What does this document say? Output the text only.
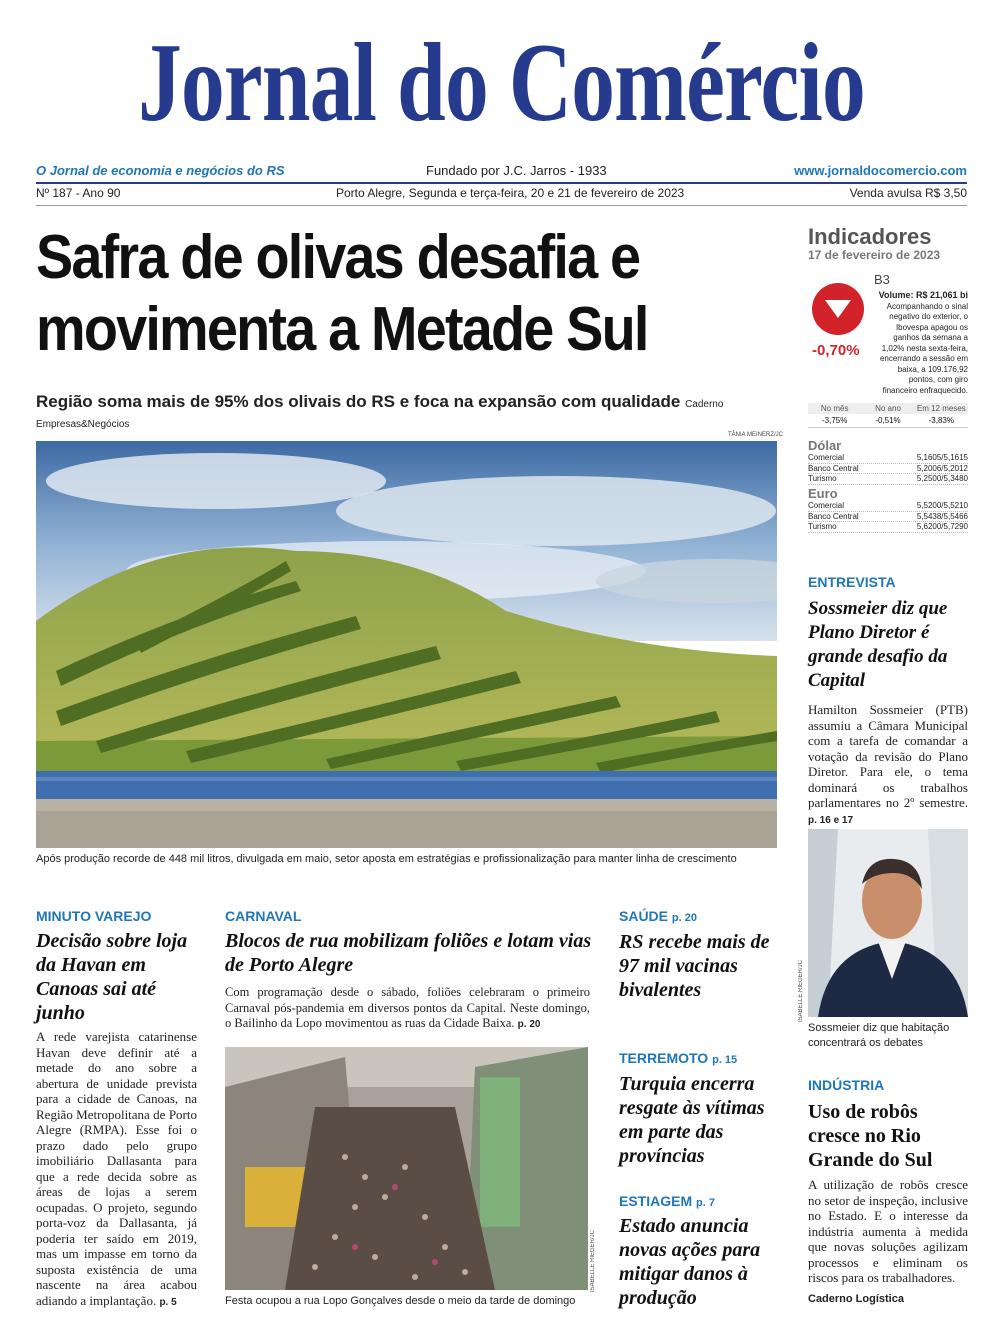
Jornal do Comércio
O Jornal de economia e negócios do RS	Fundado por J.C. Jarros - 1933	www.jornaldocomercio.com
Nº 187 - Ano 90	Porto Alegre, Segunda e terça-feira, 20 e 21 de fevereiro de 2023	Venda avulsa R$ 3,50
Safra de olivas desafia e movimenta a Metade Sul
Região soma mais de 95% dos olivais do RS e foca na expansão com qualidade Caderno Empresas&Negócios
TÂNIA MEINERZ/JC
Após produção recorde de 448 mil litros, divulgada em maio, setor aposta em estratégias e profissionalização para manter linha de crescimento
Indicadores
17 de fevereiro de 2023
B3
-0,70%
Volume: R$ 21,061 bi
Acompanhando o sinal negativo do exterior, o Ibovespa apagou os ganhos da semana a 1,02% nesta sexta-feira, encerrando a sessão em baixa, a 109.176,92 pontos, com giro financeiro enfraquecido.
No mês	No ano	Em 12 meses
-3,75%	-0,51%	-3,83%
Dólar
Comercial	5,1605/5,1615
Banco Central	5,2006/5,2012
Turismo	5,2500/5,3480
Euro
Comercial	5,5200/5,5210
Banco Central	5,5438/5,5466
Turismo	5,6200/5,7290
ENTREVISTA
Sossmeier diz que Plano Diretor é grande desafio da Capital
Hamilton Sossmeier (PTB) assumiu a Câmara Municipal com a tarefa de comandar a votação da revisão do Plano Diretor. Para ele, o tema dominará os trabalhos parlamentares no 2º semestre. p. 16 e 17
ISABELLE RIEGER/JC
Sossmeier diz que habitação concentrará os debates
INDÚSTRIA
Uso de robôs cresce no Rio Grande do Sul
A utilização de robôs cresce no setor de inspeção, inclusive no Estado. E o interesse da indústria aumenta à medida que novas soluções agilizam processos e eliminam os riscos para os trabalhadores.
Caderno Logística
MINUTO VAREJO
Decisão sobre loja da Havan em Canoas sai até junho
A rede varejista catarinense Havan deve definir até a metade do ano sobre a abertura de unidade prevista para a cidade de Canoas, na Região Metropolitana de Porto Alegre (RMPA). Esse foi o prazo dado pelo grupo imobiliário Dallasanta para que a rede decida sobre as áreas de lojas a serem ocupadas. O projeto, segundo porta-voz da Dallasanta, já poderia ter saído em 2019, mas um impasse em torno da suposta existência de uma nascente na área acabou adiando a implantação. p. 5
CARNAVAL
Blocos de rua mobilizam foliões e lotam vias de Porto Alegre
Com programação desde o sábado, foliões celebraram o primeiro Carnaval pós-pandemia em diversos pontos da Capital. Neste domingo, o Bailinho da Lopo movimentou as ruas da Cidade Baixa. p. 20
ISABELLE RIEGER/JC
Festa ocupou a rua Lopo Gonçalves desde o meio da tarde de domingo
SAÚDE p. 20
RS recebe mais de 97 mil vacinas bivalentes
TERREMOTO p. 15
Turquia encerra resgate às vítimas em parte das províncias
ESTIAGEM p. 7
Estado anuncia novas ações para mitigar danos à produção
